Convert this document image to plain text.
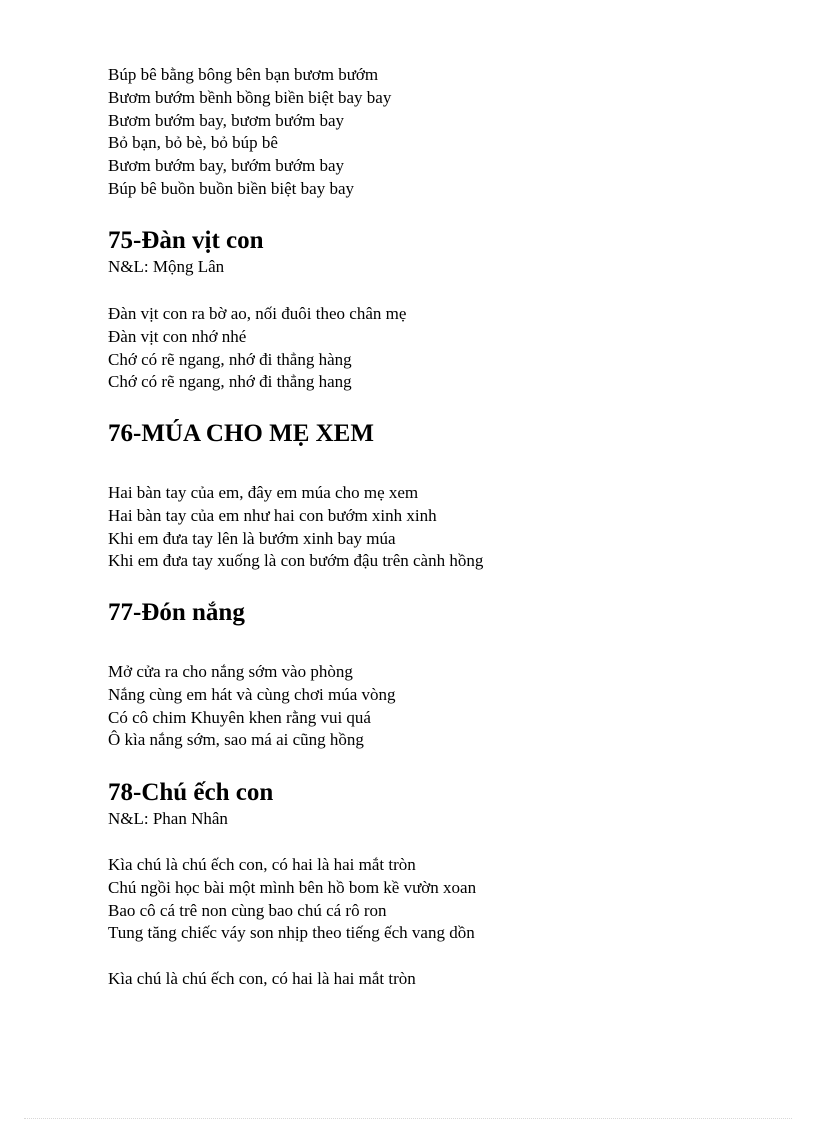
Búp bê bằng bông bên bạn bươm bướm
Bươm bướm bềnh bồng biền biệt bay bay
Bươm bướm bay, bươm bướm bay
Bỏ bạn, bỏ bè, bỏ búp bê
Bươm bướm bay, bướm bướm bay
Búp bê buồn buồn biền biệt bay bay
75-Đàn vịt con
N&L: Mộng Lân
Đàn vịt con ra bờ ao, nối đuôi theo chân mẹ
Đàn vịt con nhớ nhé
Chớ có rẽ ngang, nhớ đi thẳng hàng
Chớ có rẽ ngang, nhớ đi thẳng hang
76-MÚA CHO MẸ XEM
Hai bàn tay của em, đây em múa cho mẹ xem
Hai bàn tay của em như hai con bướm xinh xinh
Khi em đưa tay lên là bướm xinh bay múa
Khi em đưa tay xuống là con bướm đậu trên cành hồng
77-Đón nắng
Mở cửa ra cho nắng sớm vào phòng
Nắng cùng em hát và cùng chơi múa vòng
Có cô chim Khuyên khen rằng vui quá
Ô kìa nắng sớm, sao má ai cũng hồng
78-Chú ếch con
N&L: Phan Nhân
Kìa chú là chú ếch con, có hai là hai mắt tròn
Chú ngồi học bài một mình bên hồ bom kề vườn xoan
Bao cô cá trê non cùng bao chú cá rô ron
Tung tăng chiếc váy son nhịp theo tiếng ếch vang dồn
Kìa chú là chú ếch con, có hai là hai mắt tròn
